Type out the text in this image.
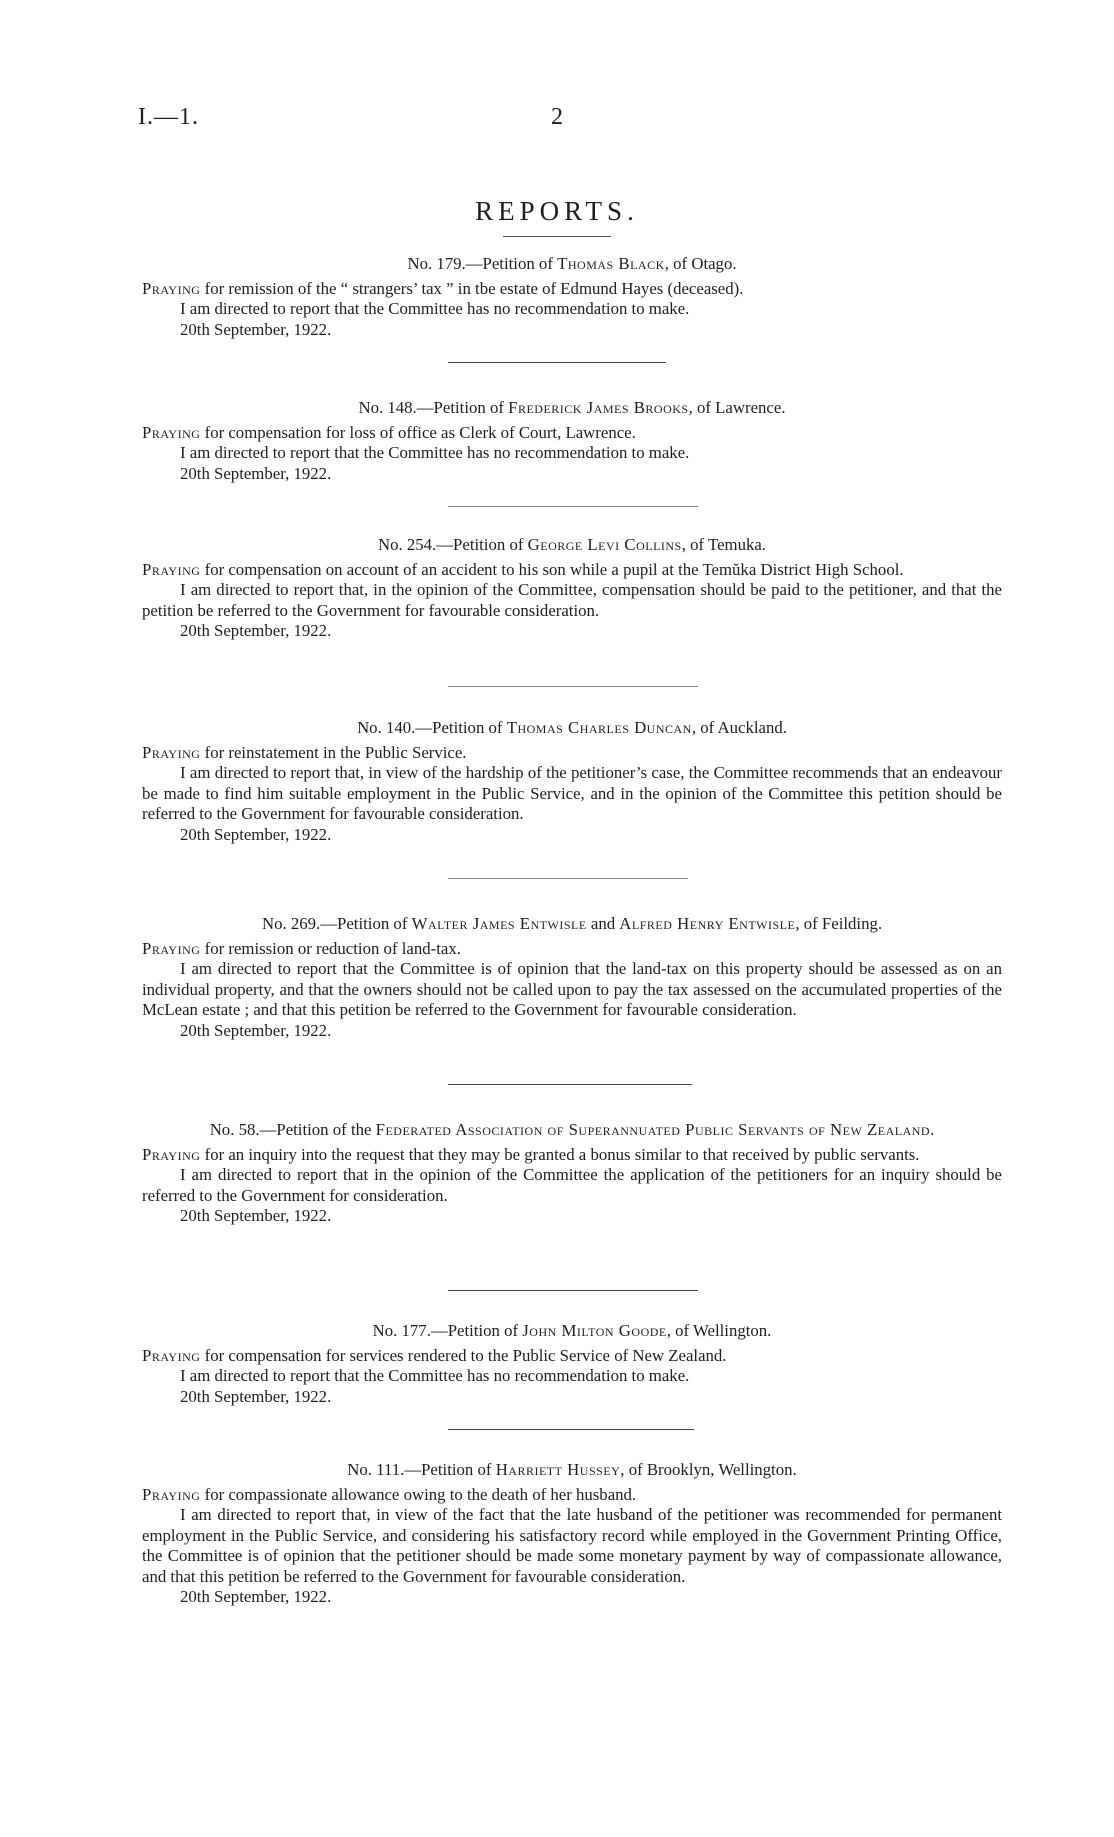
I.—1.	2
REPORTS.
No. 179.—Petition of Thomas Black, of Otago.

Praying for remission of the “ strangers’ tax ” in tbe estate of Edmund Hayes (deceased).

I am directed to report that the Committee has no recommendation to make.

20th September, 1922.

No. 148.—Petition of Frederick James Brooks, of Lawrence.

Praying for compensation for loss of office as Clerk of Court, Lawrence.

I am directed to report that the Committee has no recommendation to make.

20th September, 1922.

No. 254.—Petition of George Levi Collins, of Temuka.

Praying for compensation on account of an accident to his son while a pupil at the Temŭka District High School.

I am directed to report that, in the opinion of the Committee, compensation should be paid to the petitioner, and that the petition be referred to the Government for favourable consideration.

20th September, 1922.

No. 140.—Petition of Thomas Charles Duncan, of Auckland.

Praying for reinstatement in the Public Service.

I am directed to report that, in view of the hardship of the petitioner’s case, the Committee recommends that an endeavour be made to find him suitable employment in the Public Service, and in the opinion of the Committee this petition should be referred to the Government for favourable consideration.

20th September, 1922.

No. 269.—Petition of Walter James Entwisle and Alfred Henry Entwisle, of Feilding.

Praying for remission or reduction of land-tax.

I am directed to report that the Committee is of opinion that the land-tax on this property should be assessed as on an individual property, and that the owners should not be called upon to pay the tax assessed on the accumulated properties of the McLean estate ; and that this petition be referred to the Government for favourable consideration.

20th September, 1922.

No. 58.—Petition of the Federated Association of Superannuated Public Servants of New Zealand.

Praying for an inquiry into the request that they may be granted a bonus similar to that received by public servants.

I am directed to report that in the opinion of the Committee the application of the petitioners for an inquiry should be referred to the Government for consideration.

20th September, 1922.

No. 177.—Petition of John Milton Goode, of Wellington.

Praying for compensation for services rendered to the Public Service of New Zealand.

I am directed to report that the Committee has no recommendation to make.

20th September, 1922.

No. 111.—Petition of Harriett Hussey, of Brooklyn, Wellington.

Praying for compassionate allowance owing to the death of her husband.

I am directed to report that, in view of the fact that the late husband of the petitioner was recommended for permanent employment in the Public Service, and considering his satisfactory record while employed in the Government Printing Office, the Committee is of opinion that the petitioner should be made some monetary payment by way of compassionate allowance, and that this petition be referred to the Government for favourable consideration.

20th September, 1922.
